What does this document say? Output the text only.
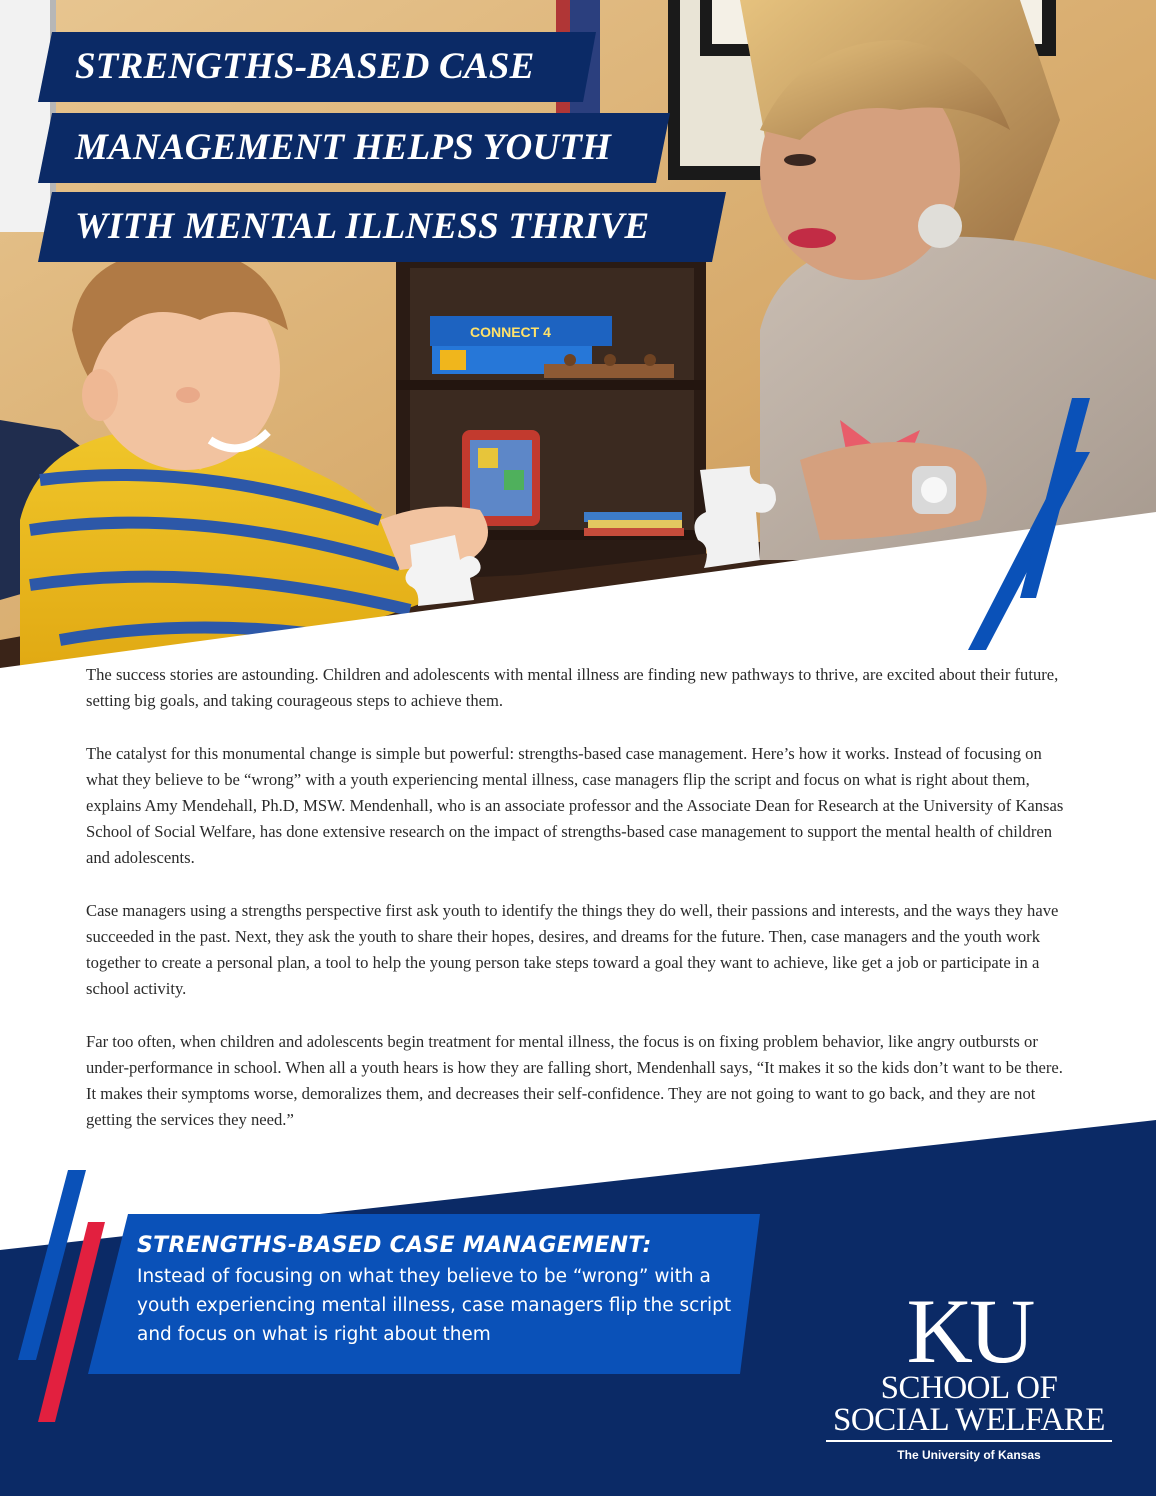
CONNECT 4
STRENGTHS-BASED CASE
MANAGEMENT HELPS YOUTH
WITH MENTAL ILLNESS THRIVE

The success stories are astounding. Children and adolescents with mental illness are finding new pathways to thrive, are excited about their future, setting big goals, and taking courageous steps to achieve them.

The catalyst for this monumental change is simple but powerful: strengths-based case management. Here’s how it works. Instead of focusing on what they believe to be “wrong” with a youth experiencing mental illness, case managers flip the script and focus on what is right about them, explains Amy Mendehall, Ph.D, MSW. Mendenhall, who is an associate professor and the Associate Dean for Research at the University of Kansas School of Social Welfare, has done extensive research on the impact of strengths-based case management to support the mental health of children and adolescents.

Case managers using a strengths perspective first ask youth to identify the things they do well, their passions and interests, and the ways they have succeeded in the past. Next, they ask the youth to share their hopes, desires, and dreams for the future. Then, case managers and the youth work together to create a personal plan, a tool to help the young person take steps toward a goal they want to achieve, like get a job or participate in a school activity.

Far too often, when children and adolescents begin treatment for mental illness, the focus is on fixing problem behavior, like angry outbursts or under-performance in school. When all a youth hears is how they are falling short, Mendenhall says, “It makes it so the kids don’t want to be there. It makes their symptoms worse, demoralizes them, and decreases their self-confidence. They are not going to want to go back, and they are not getting the services they need.”

STRENGTHS-BASED CASE MANAGEMENT:
Instead of focusing on what they believe to be “wrong” with a youth experiencing mental illness, case managers flip the script and focus on what is right about them	KU
SCHOOL OF
SOCIAL WELFARE
The University of Kansas
